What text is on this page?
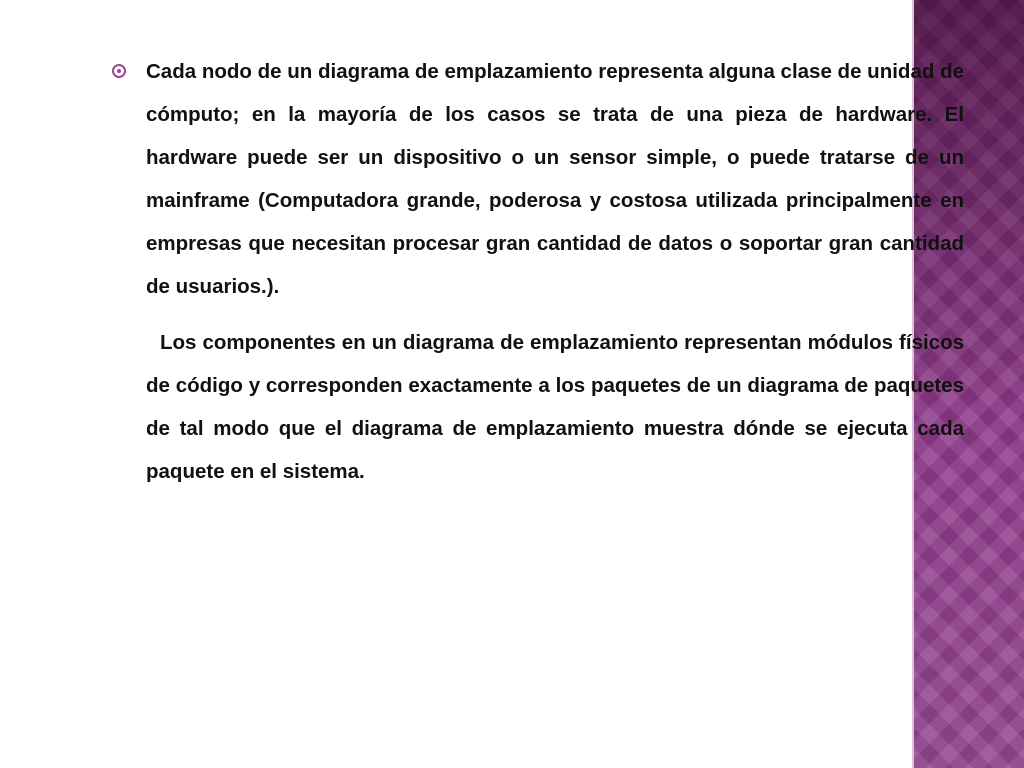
Cada nodo de un diagrama de emplazamiento representa alguna clase de unidad de cómputo; en la mayoría de los casos se trata de una pieza de hardware. El hardware puede ser un dispositivo o un sensor simple, o puede tratarse de un mainframe (Computadora grande, poderosa y costosa utilizada principalmente en empresas que necesitan procesar gran cantidad de datos o soportar gran cantidad de usuarios.).

Los componentes en un diagrama de emplazamiento representan módulos físicos de código y corresponden exactamente a los paquetes de un diagrama de paquetes de tal modo que el diagrama de emplazamiento muestra dónde se ejecuta cada paquete en el sistema.
